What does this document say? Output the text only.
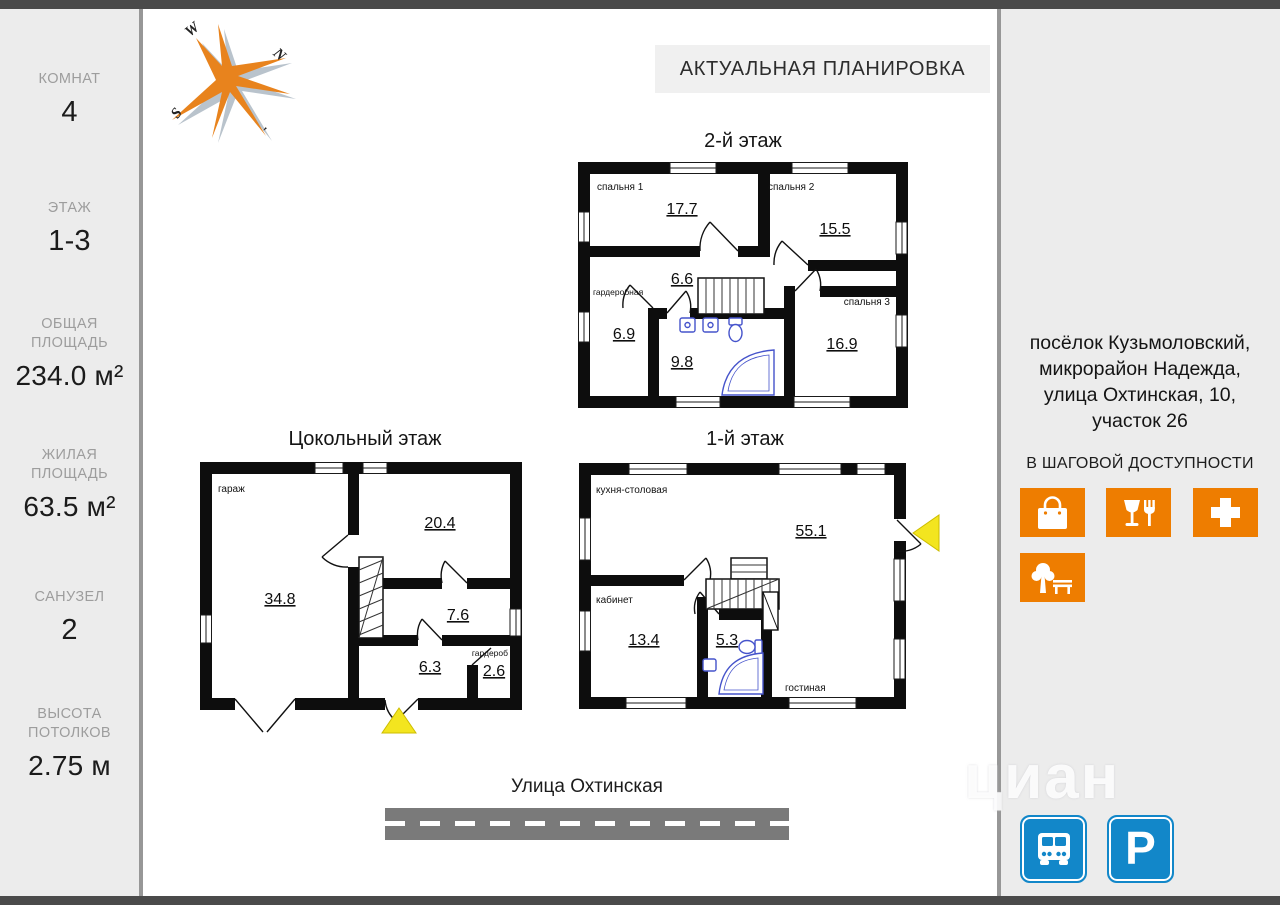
КОМНАТ
4
ЭТАЖ
1-3
ОБЩАЯ ПЛОЩАДЬ
234.0 м²
ЖИЛАЯ ПЛОЩАДЬ
63.5 м²
САНУЗЕЛ
2
ВЫСОТА ПОТОЛКОВ
2.75 м
W
N
S
'
АКТУАЛЬНАЯ ПЛАНИРОВКА
2-й этаж
спальня 1	спальня 2
спальня 3
гардеробная
17.7
15.5
16.9
6.9
6.6
9.8
Цокольный этаж
гараж
гардероб
34.8
20.4
7.6
6.3	2.6
1-й этаж
кухня-столовая
кабинет
гостиная
55.1
13.4	5.3
Улица Охтинская
посёлок Кузьмоловский,
микрорайон Надежда,
улица Охтинская, 10,
участок 26
В ШАГОВОЙ ДОСТУПНОСТИ
циан
P
